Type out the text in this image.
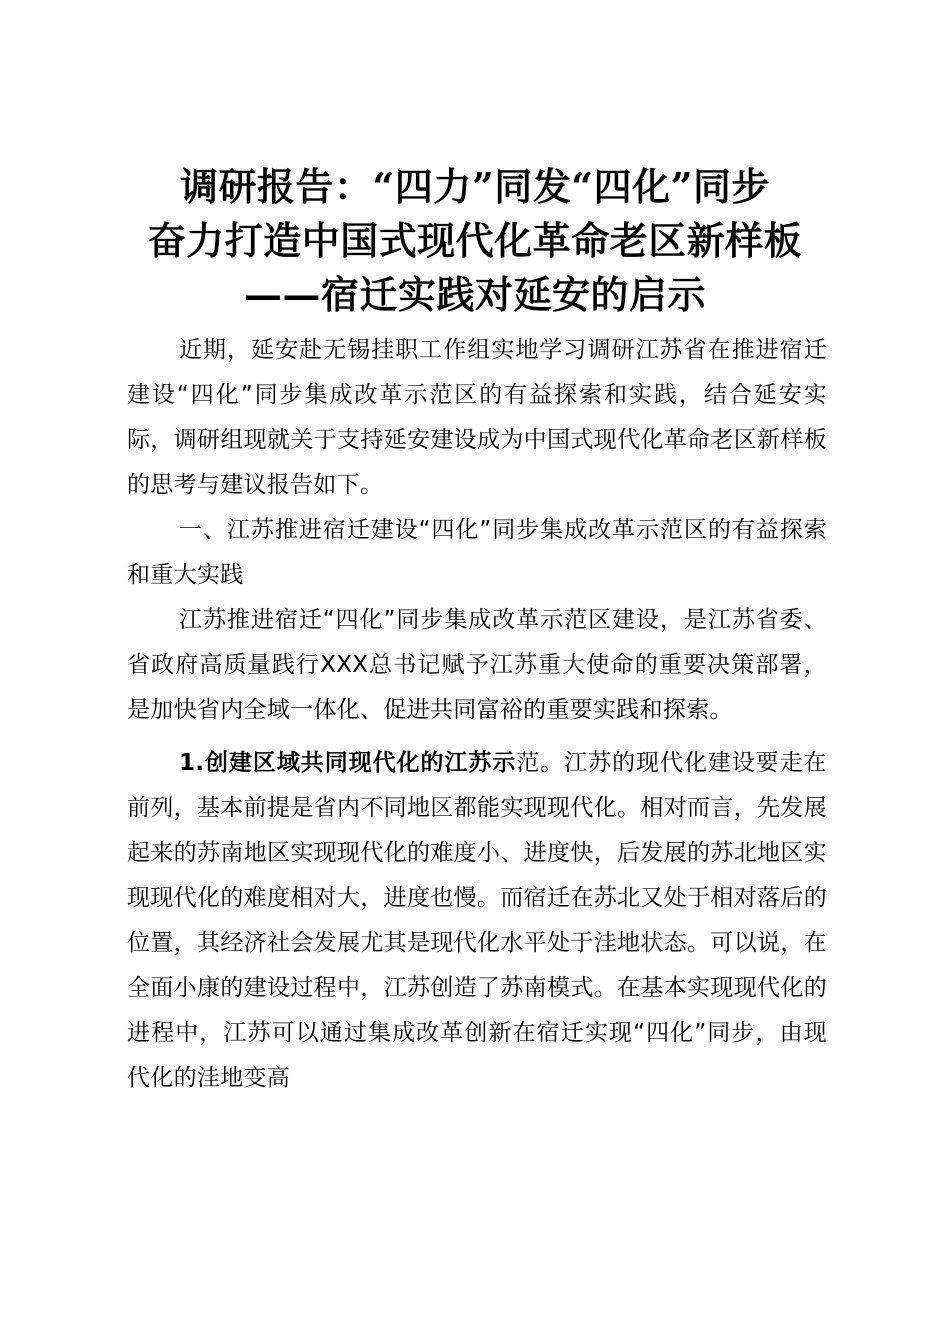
调研报告：“四力”同发“四化”同步
奋力打造中国式现代化革命老区新样板
——宿迁实践对延安的启示

近期，延安赴无锡挂职工作组实地学习调研江苏省在推进宿迁建设“四化”同步集成改革示范区的有益探索和实践，结合延安实际，调研组现就关于支持延安建设成为中国式现代化革命老区新样板的思考与建议报告如下。

一、江苏推进宿迁建设“四化”同步集成改革示范区的有益探索和重大实践

江苏推进宿迁“四化”同步集成改革示范区建设，是江苏省委、省政府高质量践行XXX总书记赋予江苏重大使命的重要决策部署，是加快省内全域一体化、促进共同富裕的重要实践和探索。

1.创建区域共同现代化的江苏示范。江苏的现代化建设要走在前列，基本前提是省内不同地区都能实现现代化。相对而言，先发展起来的苏南地区实现现代化的难度小、进度快，后发展的苏北地区实现现代化的难度相对大，进度也慢。而宿迁在苏北又处于相对落后的位置，其经济社会发展尤其是现代化水平处于洼地状态。可以说，在全面小康的建设过程中，江苏创造了苏南模式。在基本实现现代化的进程中，江苏可以通过集成改革创新在宿迁实现“四化”同步，由现代化的洼地变高
